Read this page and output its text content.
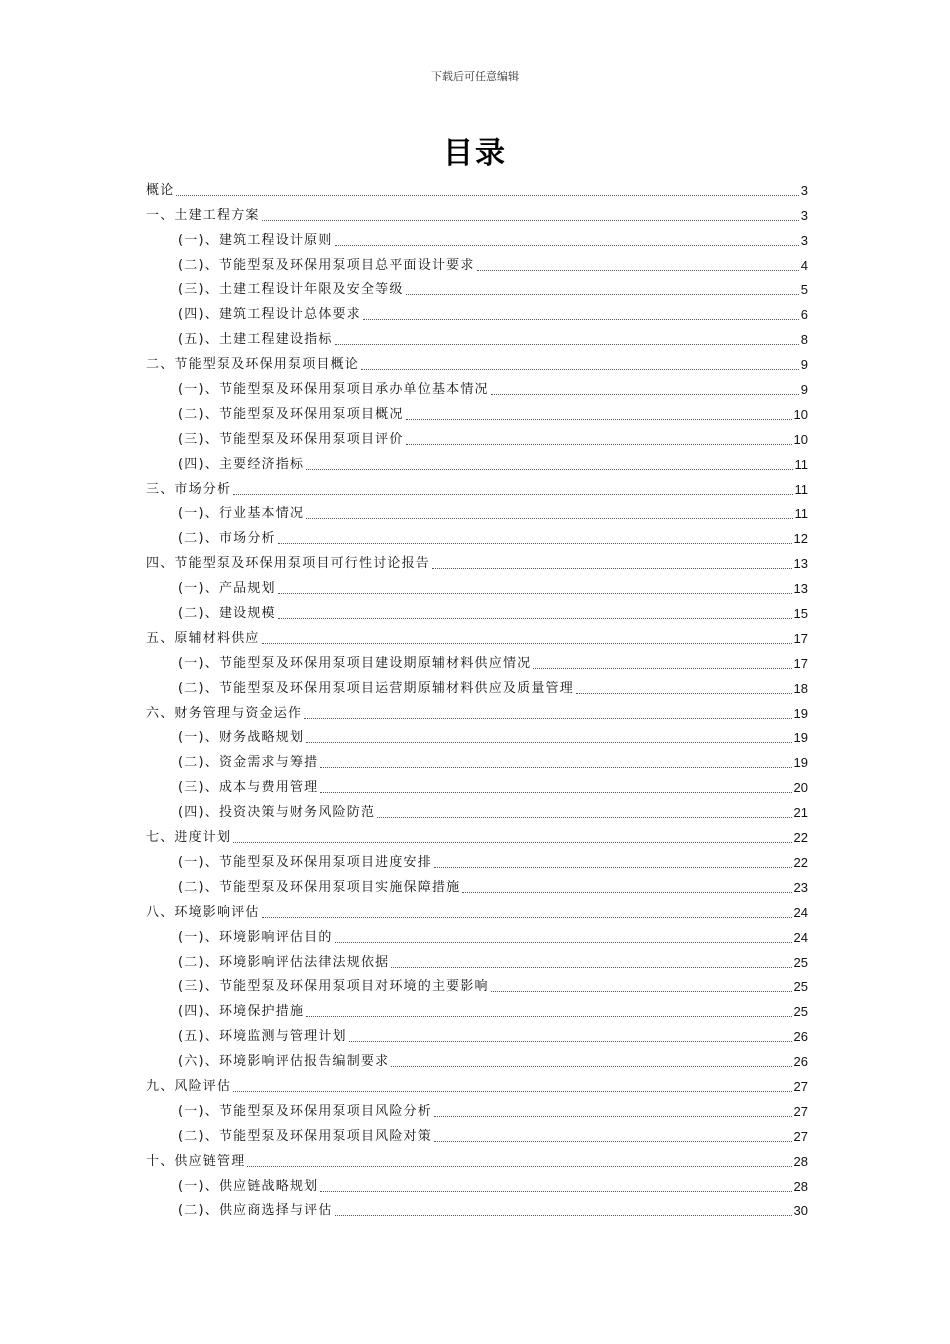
下载后可任意编辑
目录
概论	3
一、土建工程方案	3
(一)、建筑工程设计原则	3
(二)、节能型泵及环保用泵项目总平面设计要求	4
(三)、土建工程设计年限及安全等级	5
(四)、建筑工程设计总体要求	6
(五)、土建工程建设指标	8
二、节能型泵及环保用泵项目概论	9
(一)、节能型泵及环保用泵项目承办单位基本情况	9
(二)、节能型泵及环保用泵项目概况	10
(三)、节能型泵及环保用泵项目评价	10
(四)、主要经济指标	11
三、市场分析	11
(一)、行业基本情况	11
(二)、市场分析	12
四、节能型泵及环保用泵项目可行性讨论报告	13
(一)、产品规划	13
(二)、建设规模	15
五、原辅材料供应	17
(一)、节能型泵及环保用泵项目建设期原辅材料供应情况	17
(二)、节能型泵及环保用泵项目运营期原辅材料供应及质量管理	18
六、财务管理与资金运作	19
(一)、财务战略规划	19
(二)、资金需求与筹措	19
(三)、成本与费用管理	20
(四)、投资决策与财务风险防范	21
七、进度计划	22
(一)、节能型泵及环保用泵项目进度安排	22
(二)、节能型泵及环保用泵项目实施保障措施	23
八、环境影响评估	24
(一)、环境影响评估目的	24
(二)、环境影响评估法律法规依据	25
(三)、节能型泵及环保用泵项目对环境的主要影响	25
(四)、环境保护措施	25
(五)、环境监测与管理计划	26
(六)、环境影响评估报告编制要求	26
九、风险评估	27
(一)、节能型泵及环保用泵项目风险分析	27
(二)、节能型泵及环保用泵项目风险对策	27
十、供应链管理	28
(一)、供应链战略规划	28
(二)、供应商选择与评估	30
